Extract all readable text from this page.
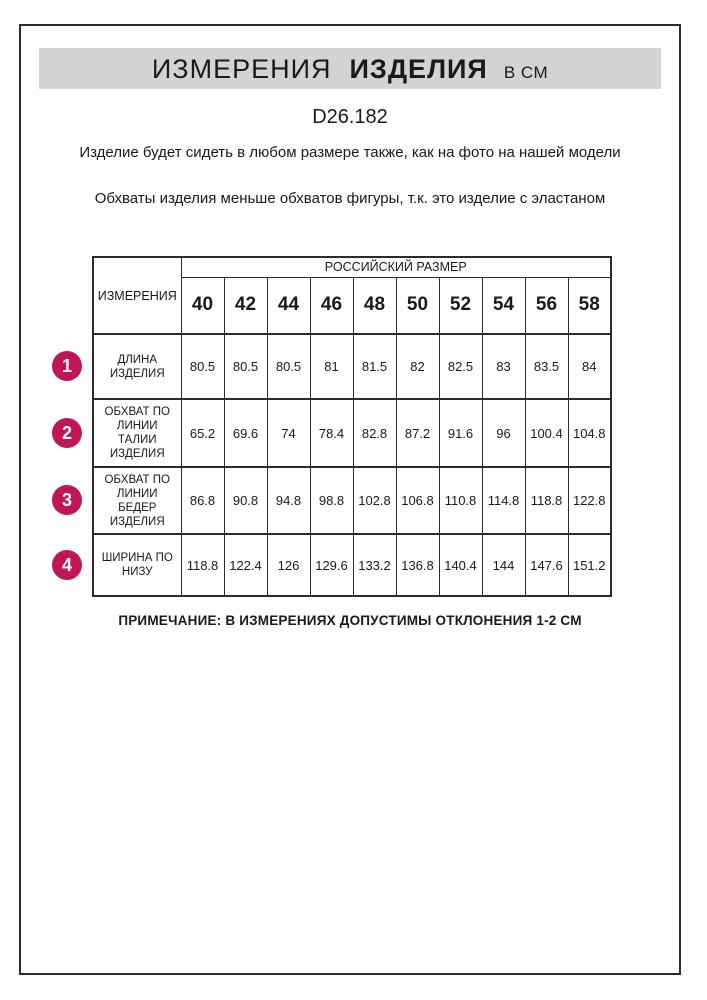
ИЗМЕРЕНИЯ ИЗДЕЛИЯ В СМ
D26.182
Изделие будет сидеть в любом размере также, как на фото на нашей модели
Обхваты изделия меньше обхватов фигуры, т.к. это изделие с эластаном
ИЗМЕРЕНИЯ	РОССИЙСКИЙ РАЗМЕР									
	40	42	44	46	48	50	52	54	56	58
ДЛИНА ИЗДЕЛИЯ	80.5	80.5	80.5	81	81.5	82	82.5	83	83.5	84
ОБХВАТ ПО ЛИНИИ ТАЛИИ ИЗДЕЛИЯ	65.2	69.6	74	78.4	82.8	87.2	91.6	96	100.4	104.8
ОБХВАТ ПО ЛИНИИ БЕДЕР ИЗДЕЛИЯ	86.8	90.8	94.8	98.8	102.8	106.8	110.8	114.8	118.8	122.8
ШИРИНА ПО НИЗУ	118.8	122.4	126	129.6	133.2	136.8	140.4	144	147.6	151.2
1
2
3
4
ПРИМЕЧАНИЕ: В ИЗМЕРЕНИЯХ ДОПУСТИМЫ ОТКЛОНЕНИЯ 1-2 СМ
